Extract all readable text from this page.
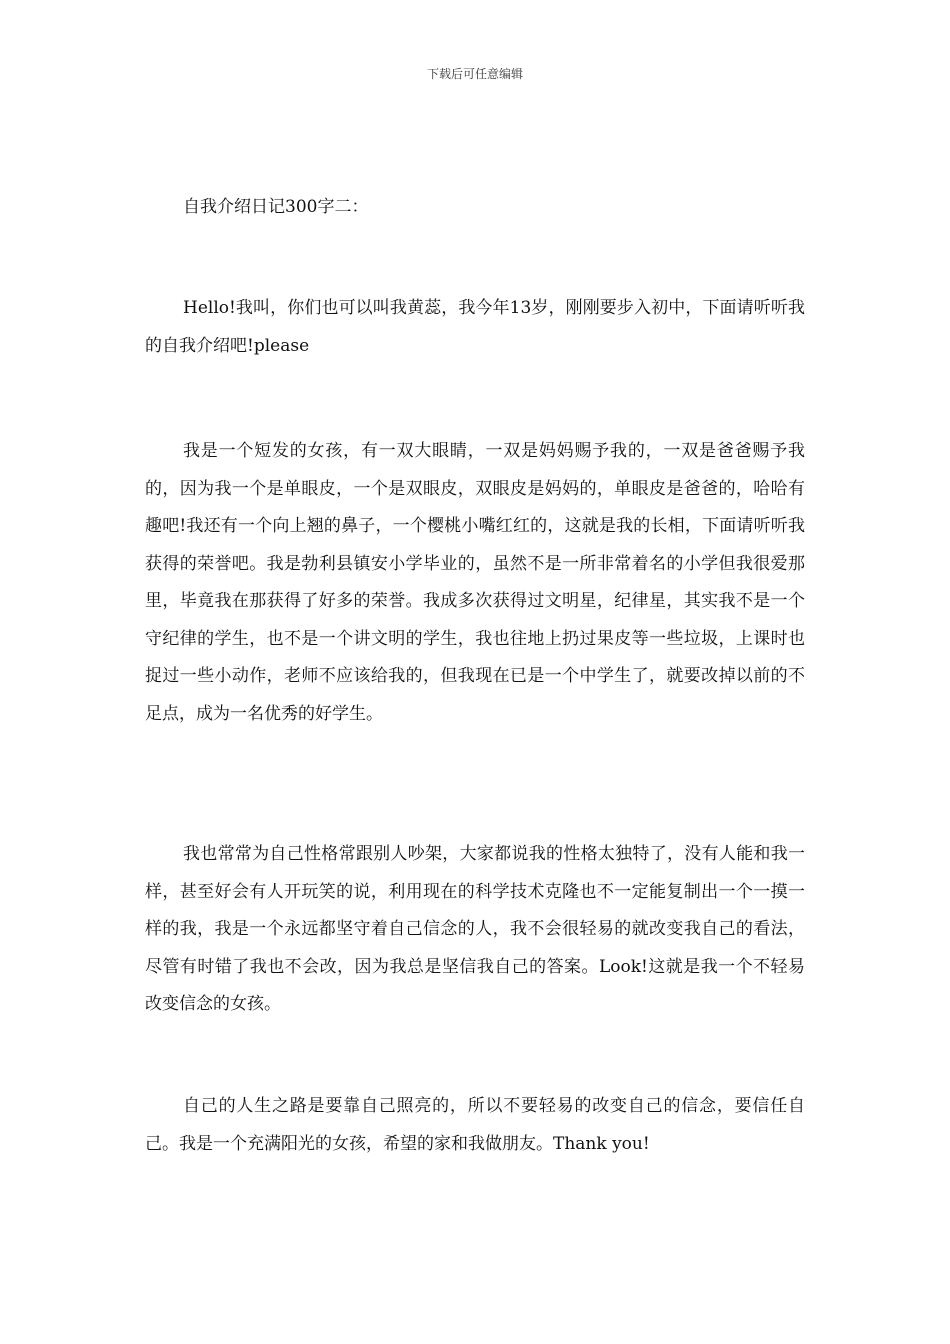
下载后可任意编辑
自我介绍日记300字二：

Hello!我叫，你们也可以叫我黄蕊，我今年13岁，刚刚要步入初中，下面请听听我的自我介绍吧!please

我是一个短发的女孩，有一双大眼睛，一双是妈妈赐予我的，一双是爸爸赐予我的，因为我一个是单眼皮，一个是双眼皮，双眼皮是妈妈的，单眼皮是爸爸的，哈哈有趣吧!我还有一个向上翘的鼻子，一个樱桃小嘴红红的，这就是我的长相，下面请听听我获得的荣誉吧。我是勃利县镇安小学毕业的，虽然不是一所非常着名的小学但我很爱那里，毕竟我在那获得了好多的荣誉。我成多次获得过文明星，纪律星，其实我不是一个守纪律的学生，也不是一个讲文明的学生，我也往地上扔过果皮等一些垃圾，上课时也捉过一些小动作，老师不应该给我的，但我现在已是一个中学生了，就要改掉以前的不足点，成为一名优秀的好学生。

我也常常为自己性格常跟别人吵架，大家都说我的性格太独特了，没有人能和我一样，甚至好会有人开玩笑的说，利用现在的科学技术克隆也不一定能复制出一个一摸一样的我，我是一个永远都坚守着自己信念的人，我不会很轻易的就改变我自己的看法，尽管有时错了我也不会改，因为我总是坚信我自己的答案。Look!这就是我一个不轻易改变信念的女孩。

自己的人生之路是要靠自己照亮的，所以不要轻易的改变自己的信念，要信任自己。我是一个充满阳光的女孩，希望的家和我做朋友。Thank you!
